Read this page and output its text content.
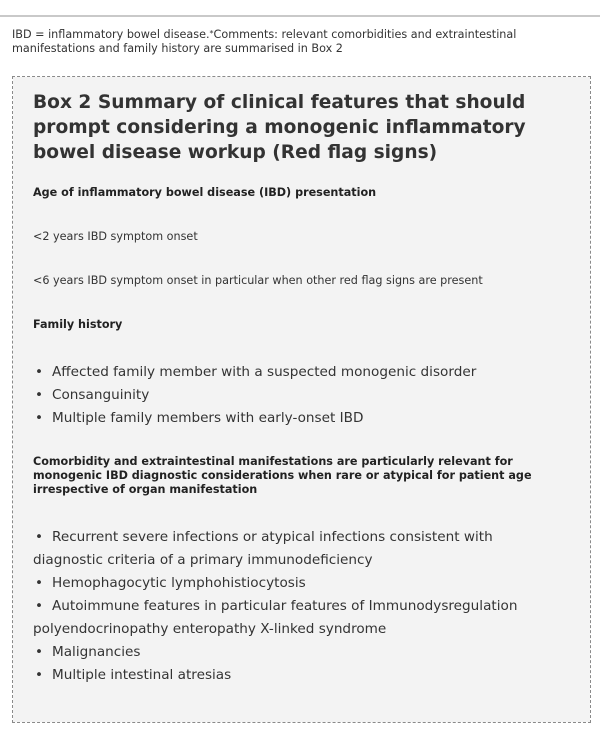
IBD = inflammatory bowel disease.*Comments: relevant comorbidities and extraintestinal manifestations and family history are summarised in Box 2

Box 2 Summary of clinical features that should prompt considering a monogenic inflammatory bowel disease workup (Red flag signs)
Age of inflammatory bowel disease (IBD) presentation

<2 years IBD symptom onset

<6 years IBD symptom onset in particular when other red flag signs are present

Family history
• Affected family member with a suspected monogenic disorder
• Consanguinity
• Multiple family members with early-onset IBD
Comorbidity and extraintestinal manifestations are particularly relevant for monogenic IBD diagnostic considerations when rare or atypical for patient age irrespective of organ manifestation
• Recurrent severe infections or atypical infections consistent with diagnostic criteria of a primary immunodeficiency
• Hemophagocytic lymphohistiocytosis
• Autoimmune features in particular features of Immunodysregulation polyendocrinopathy enteropathy X-linked syndrome
• Malignancies
• Multiple intestinal atresias
